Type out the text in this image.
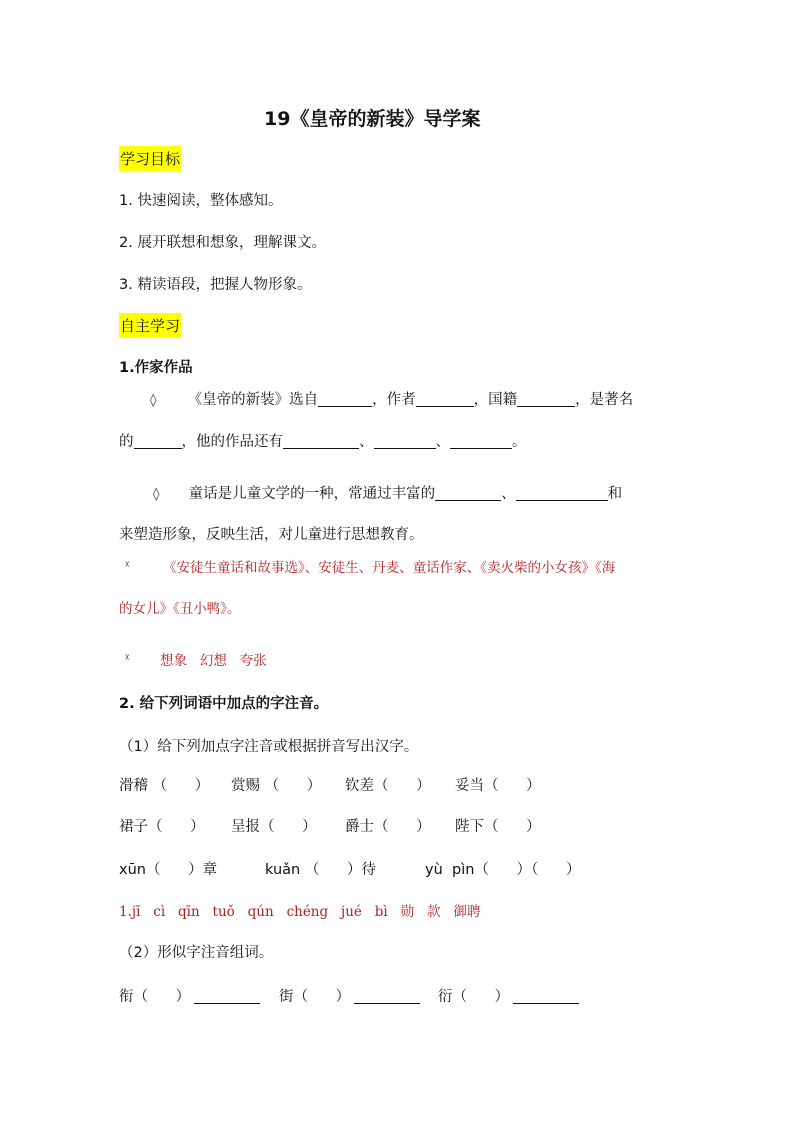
19《皇帝的新装》导学案
学习目标
1. 快速阅读，整体感知。
2. 展开联想和想象，理解课文。
3. 精读语段，把握人物形象。
自主学习
1.作家作品
◊ 《皇帝的新装》选自	，作者	，国籍	，是著名
的	，他的作品还有	、	、	。
◊ 童话是儿童文学的一种，常通过丰富的	、	和
来塑造形象，反映生活，对儿童进行思想教育。
ᵡ 《安徒生童话和故事选》、安徒生、丹麦、童话作家、《卖火柴的小女孩》《海
的女儿》《丑小鸭》。
ᵡ 想象   幻想   夸张
2. 给下列词语中加点的字注音。
（1）给下列加点字注音或根据拼音写出汉字。
滑稽 （      ） 赏赐 （      ） 钦差（      ） 妥当（      ）
裙子（      ） 呈报（      ） 爵士（      ） 陛下（      ）
xūn（      ）章	kuǎn （      ）待	yù  pìn（      ）（      ）
1.jī   cì   qīn   tuǒ   qún   chéng   jué   bì   勋   款   御聘
（2）形似字注音组词。
衔（      ）	街（      ）	衍（      ）
